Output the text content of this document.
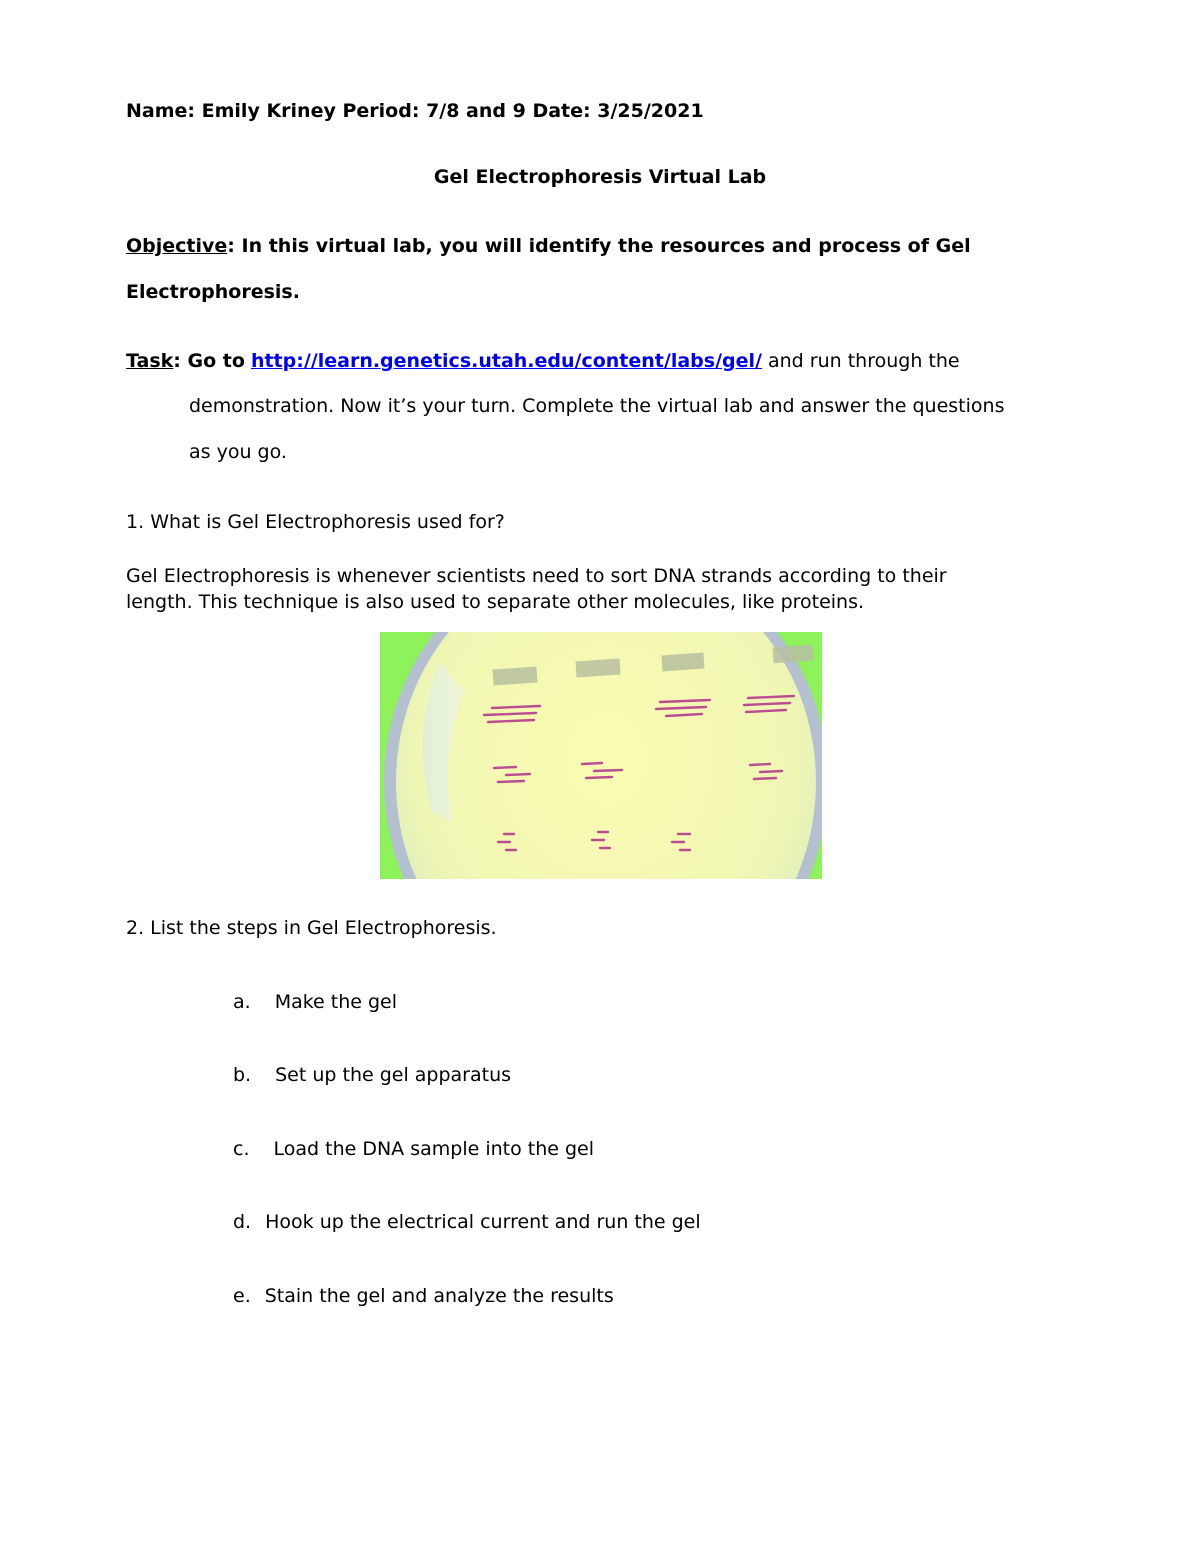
Name: Emily Kriney Period: 7/8 and 9 Date: 3/25/2021
Gel Electrophoresis Virtual Lab
Objective: In this virtual lab, you will identify the resources and process of Gel
Electrophoresis.
Task: Go to http://learn.genetics.utah.edu/content/labs/gel/ and run through the
demonstration. Now it’s your turn. Complete the virtual lab and answer the questions
as you go.
1. What is Gel Electrophoresis used for?
Gel Electrophoresis is whenever scientists need to sort DNA strands according to their
length. This technique is also used to separate other molecules, like proteins.
2. List the steps in Gel Electrophoresis.
a. Make the gel
b. Set up the gel apparatus
c. Load the DNA sample into the gel
d. Hook up the electrical current and run the gel
e. Stain the gel and analyze the results
